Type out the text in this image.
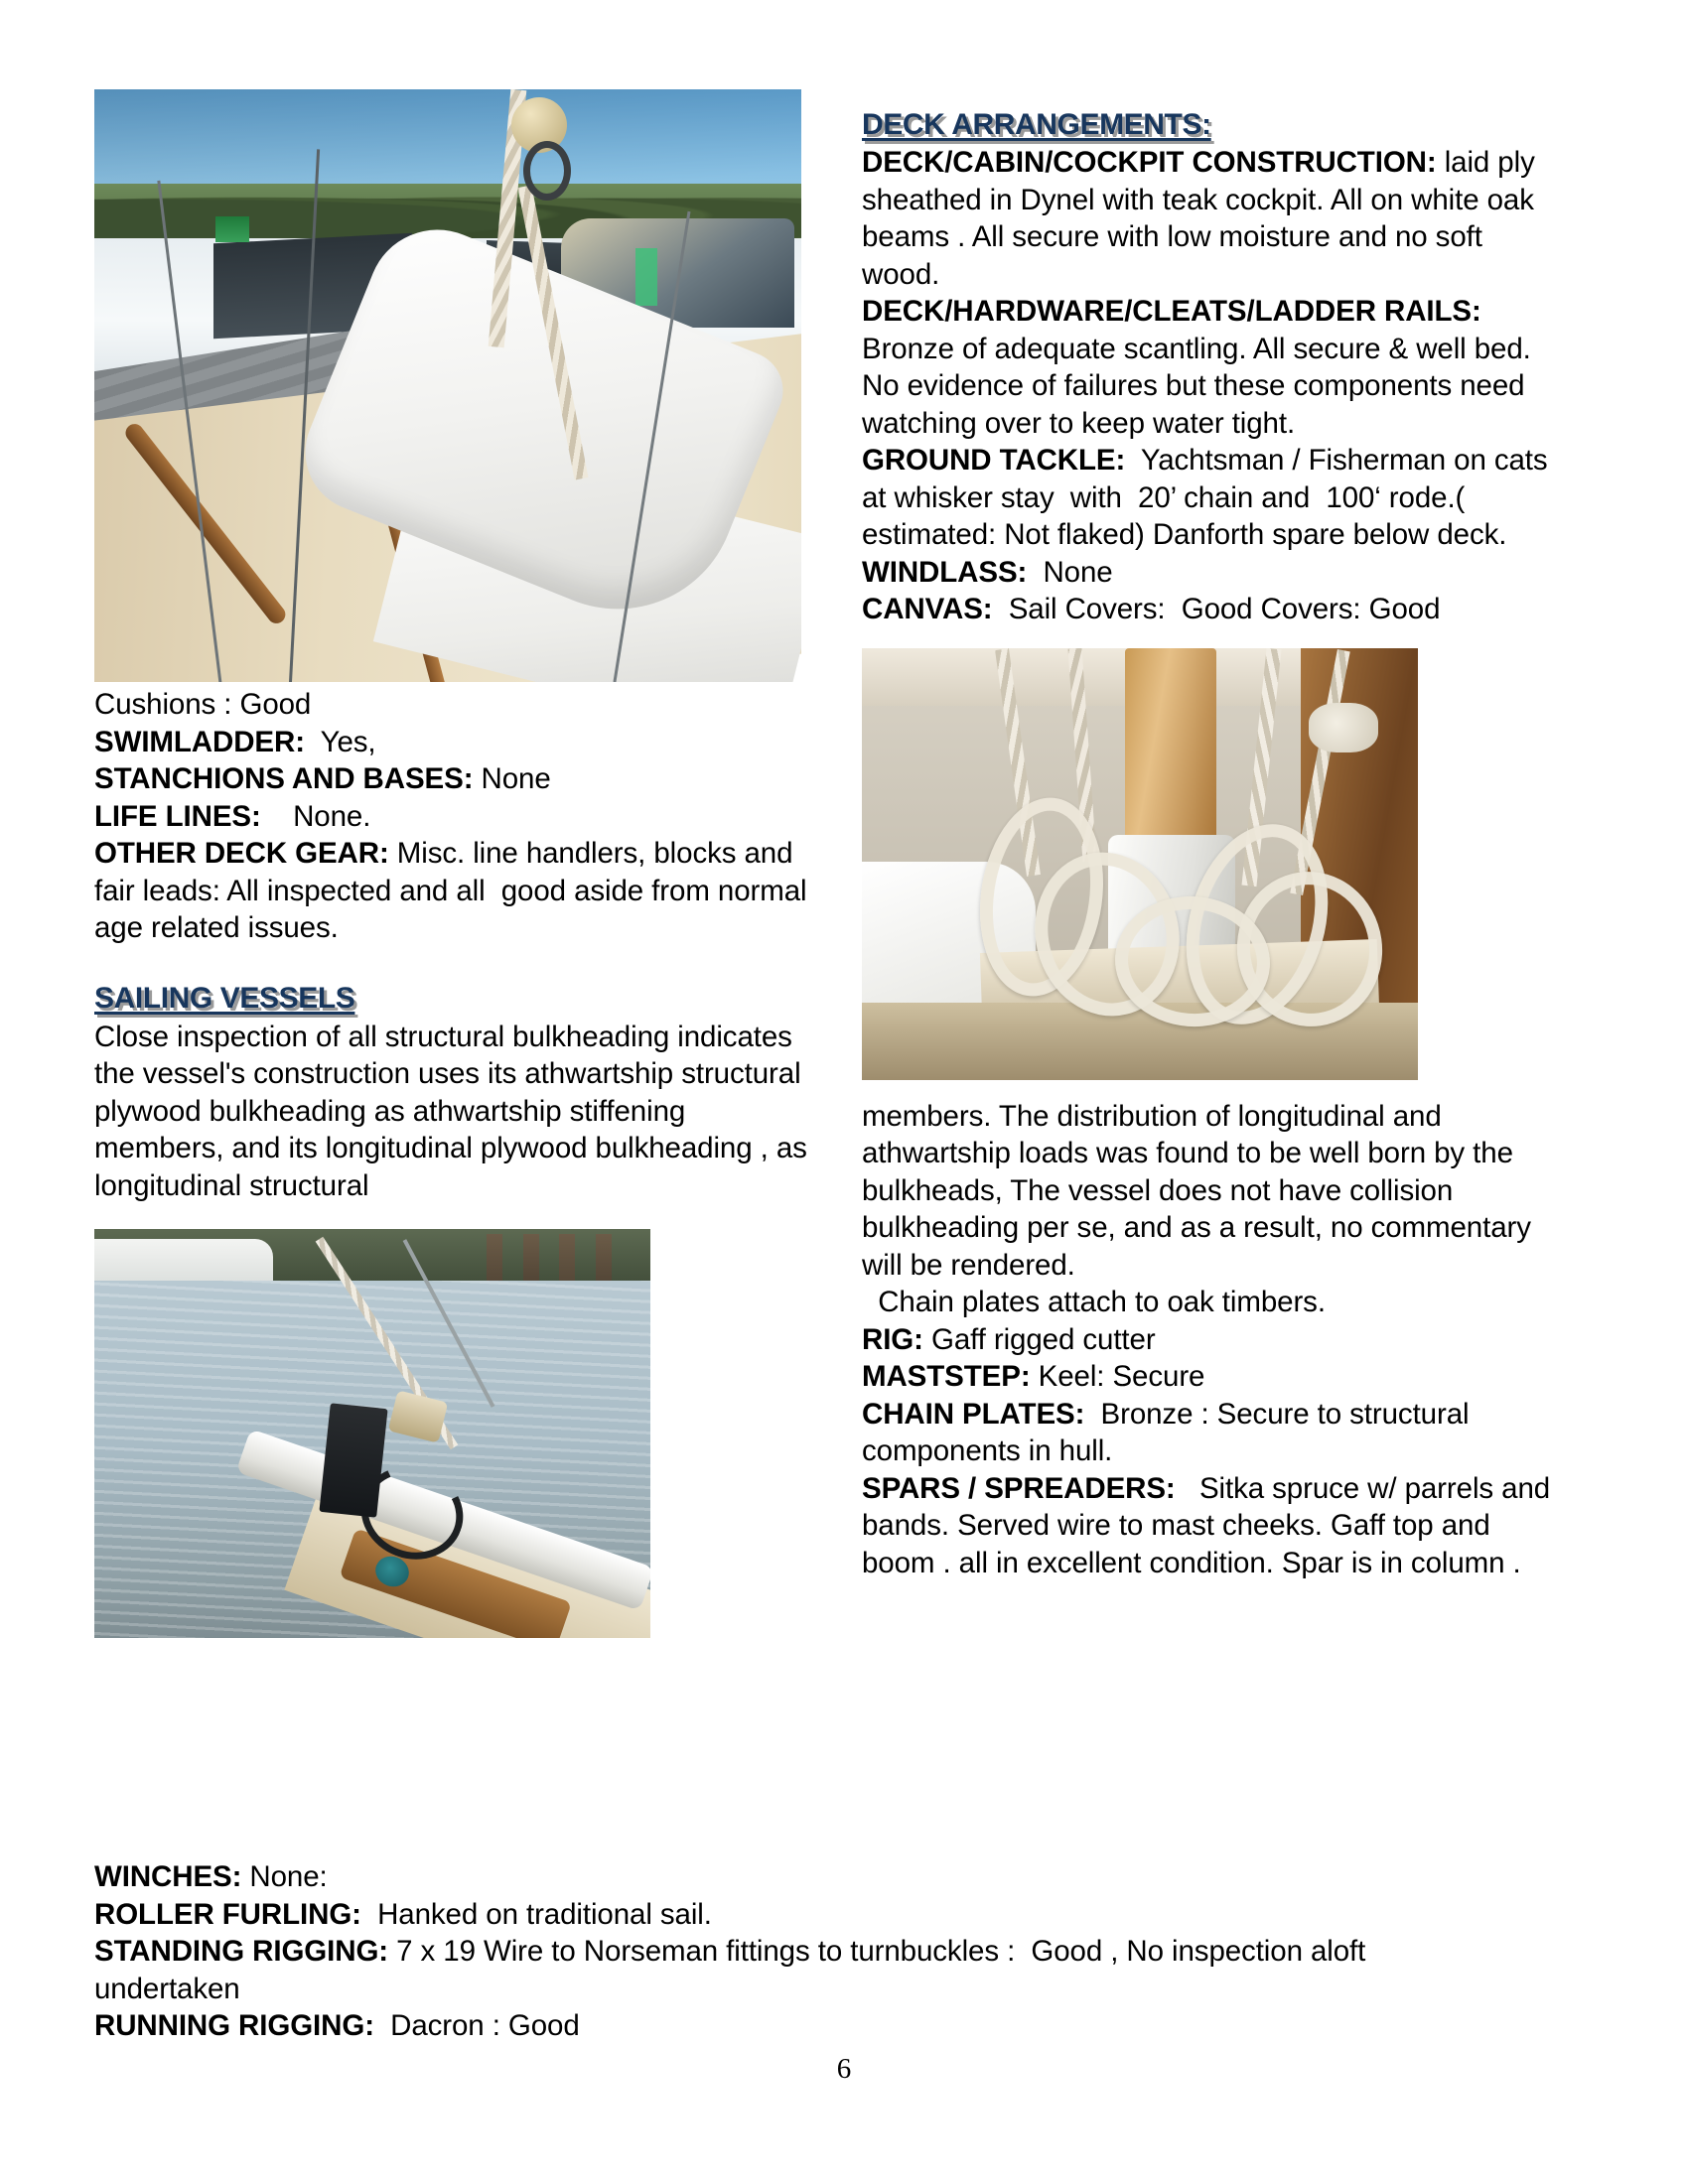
Cushions : Good
SWIMLADDER:  Yes,
STANCHIONS AND BASES: None
LIFE LINES:    None.
OTHER DECK GEAR: Misc. line handlers, blocks and fair leads: All inspected and all  good aside from normal age related issues.
SAILING VESSELS
Close inspection of all structural bulkheading indicates the vessel's construction uses its athwartship structural plywood bulkheading as athwartship stiffening members, and its longitudinal plywood bulkheading , as longitudinal structural
DECK ARRANGEMENTS:
DECK/CABIN/COCKPIT CONSTRUCTION: laid ply sheathed in Dynel with teak cockpit. All on white oak beams . All secure with low moisture and no soft wood.
DECK/HARDWARE/CLEATS/LADDER RAILS: Bronze of adequate scantling. All secure & well bed. No evidence of failures but these components need watching over to keep water tight.
GROUND TACKLE:  Yachtsman / Fisherman on cats at whisker stay  with  20’ chain and  100‘ rode.( estimated: Not flaked) Danforth spare below deck.
WINDLASS:  None
CANVAS:  Sail Covers:  Good Covers: Good
members. The distribution of longitudinal and athwartship loads was found to be well born by the bulkheads, The vessel does not have collision bulkheading per se, and as a result, no commentary will be rendered.
Chain plates attach to oak timbers.
RIG: Gaff rigged cutter
MASTSTEP: Keel: Secure
CHAIN PLATES:  Bronze : Secure to structural components in hull.
SPARS / SPREADERS:   Sitka spruce w/ parrels and bands. Served wire to mast cheeks. Gaff top and boom . all in excellent condition. Spar is in column .
WINCHES: None:
ROLLER FURLING:  Hanked on traditional sail.
STANDING RIGGING: 7 x 19 Wire to Norseman fittings to turnbuckles :  Good , No inspection aloft undertaken
RUNNING RIGGING:  Dacron : Good
6
